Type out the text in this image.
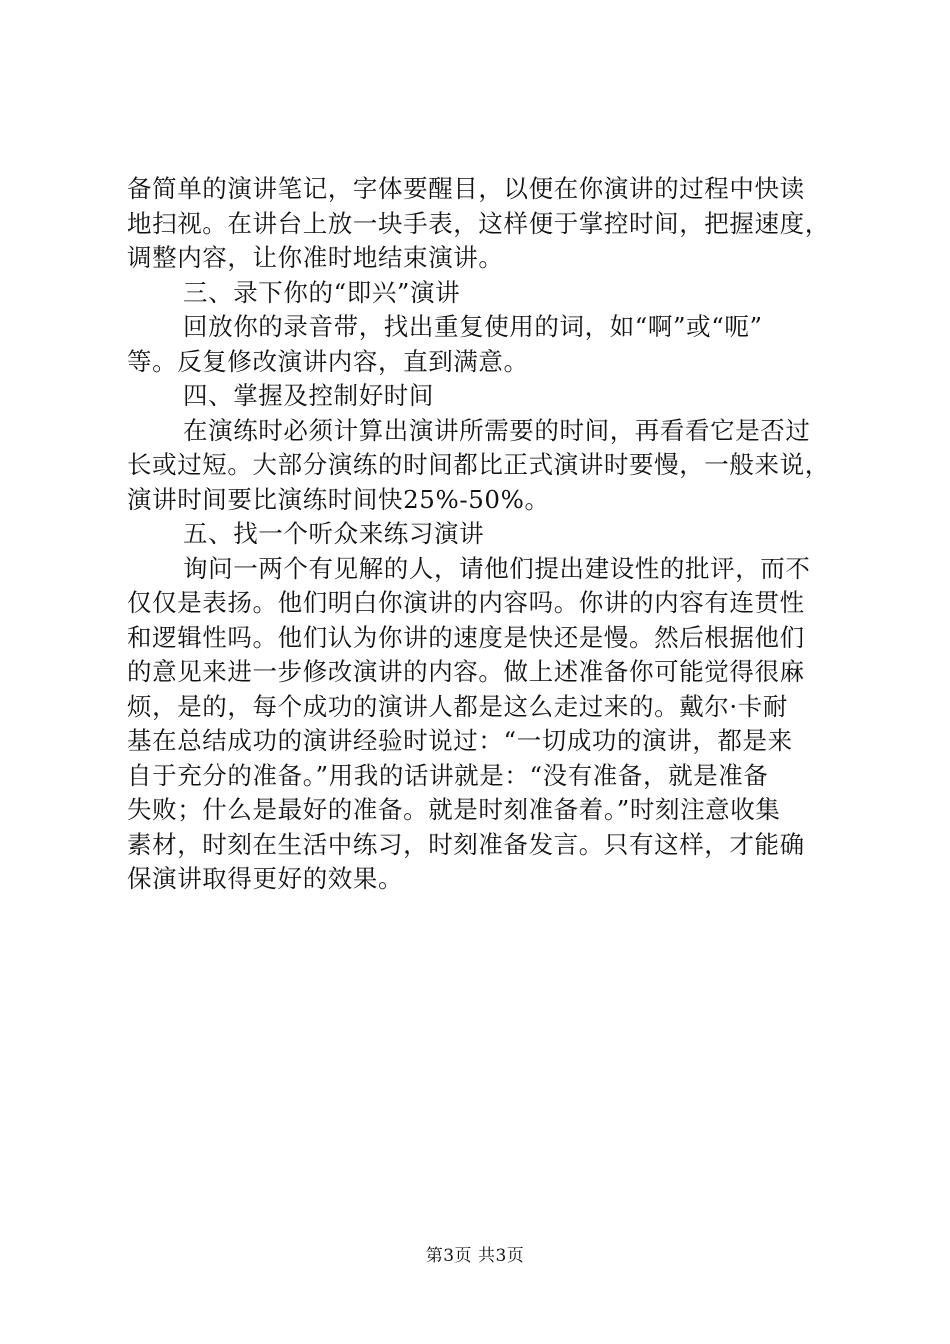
备简单的演讲笔记，字体要醒目，以便在你演讲的过程中快读
地扫视。在讲台上放一块手表，这样便于掌控时间，把握速度，
调整内容，让你准时地结束演讲。
三、录下你的“即兴”演讲
回放你的录音带，找出重复使用的词，如“啊”或“呃”
等。反复修改演讲内容，直到满意。
四、掌握及控制好时间
在演练时必须计算出演讲所需要的时间，再看看它是否过
长或过短。大部分演练的时间都比正式演讲时要慢，一般来说，
演讲时间要比演练时间快25%-50%。
五、找一个听众来练习演讲
询问一两个有见解的人，请他们提出建设性的批评，而不
仅仅是表扬。他们明白你演讲的内容吗。你讲的内容有连贯性
和逻辑性吗。他们认为你讲的速度是快还是慢。然后根据他们
的意见来进一步修改演讲的内容。做上述准备你可能觉得很麻
烦，是的，每个成功的演讲人都是这么走过来的。戴尔·卡耐
基在总结成功的演讲经验时说过：“一切成功的演讲，都是来
自于充分的准备。”用我的话讲就是：“没有准备，就是准备
失败；什么是最好的准备。就是时刻准备着。”时刻注意收集
素材，时刻在生活中练习，时刻准备发言。只有这样，才能确
保演讲取得更好的效果。
第3页 共3页
